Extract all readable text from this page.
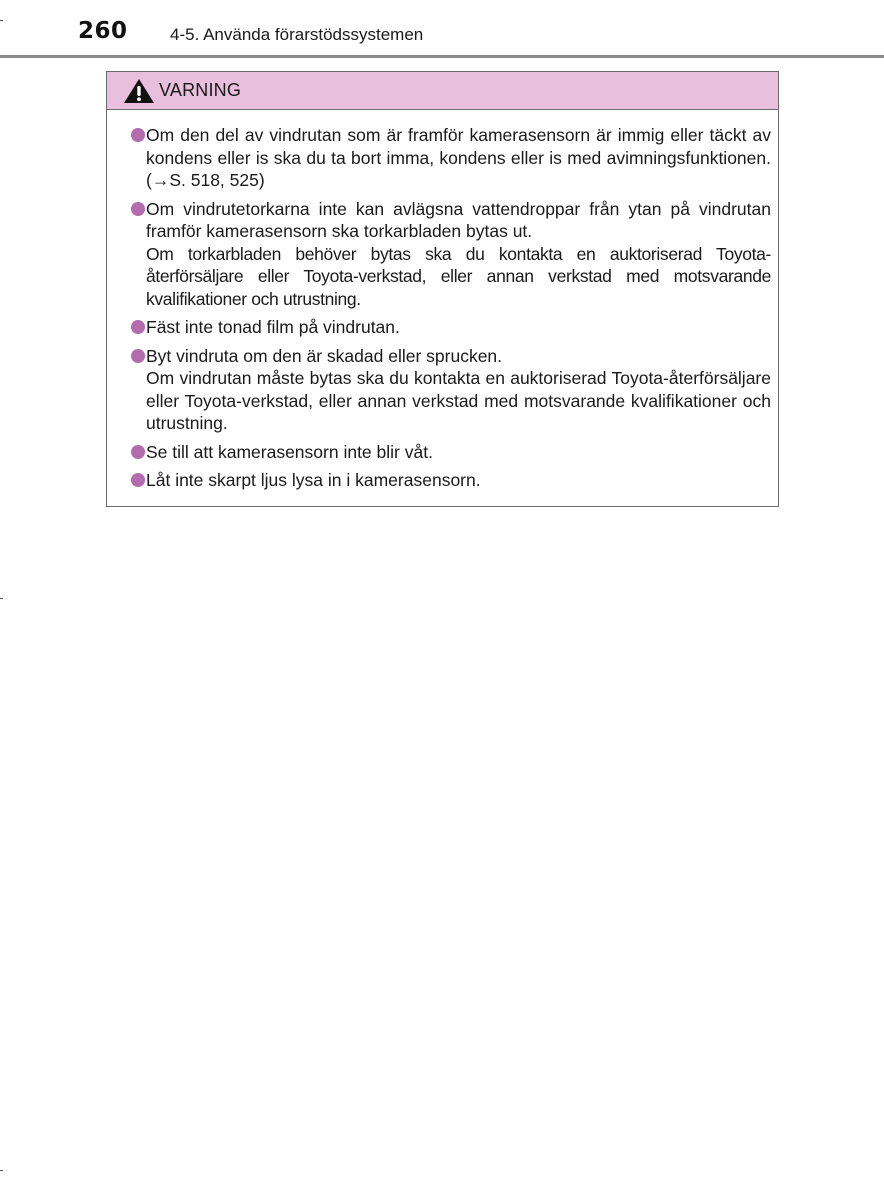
260 4-5. Använda förarstödssystemen
VARNING

Om den del av vindrutan som är framför kamerasensorn är immig eller täckt av kondens eller is ska du ta bort imma, kondens eller is med avimningsfunktionen. (→S. 518, 525)

Om vindrutetorkarna inte kan avlägsna vattendroppar från ytan på vindrutan framför kamerasensorn ska torkarbladen bytas ut.

Om torkarbladen behöver bytas ska du kontakta en auktoriserad Toyota-återförsäljare eller Toyota-verkstad, eller annan verkstad med motsvarande kvalifikationer och utrustning.

Fäst inte tonad film på vindrutan.

Byt vindruta om den är skadad eller sprucken.

Om vindrutan måste bytas ska du kontakta en auktoriserad Toyota-återförsäljare eller Toyota-verkstad, eller annan verkstad med motsvarande kvalifikationer och utrustning.

Se till att kamerasensorn inte blir våt.

Låt inte skarpt ljus lysa in i kamerasensorn.
